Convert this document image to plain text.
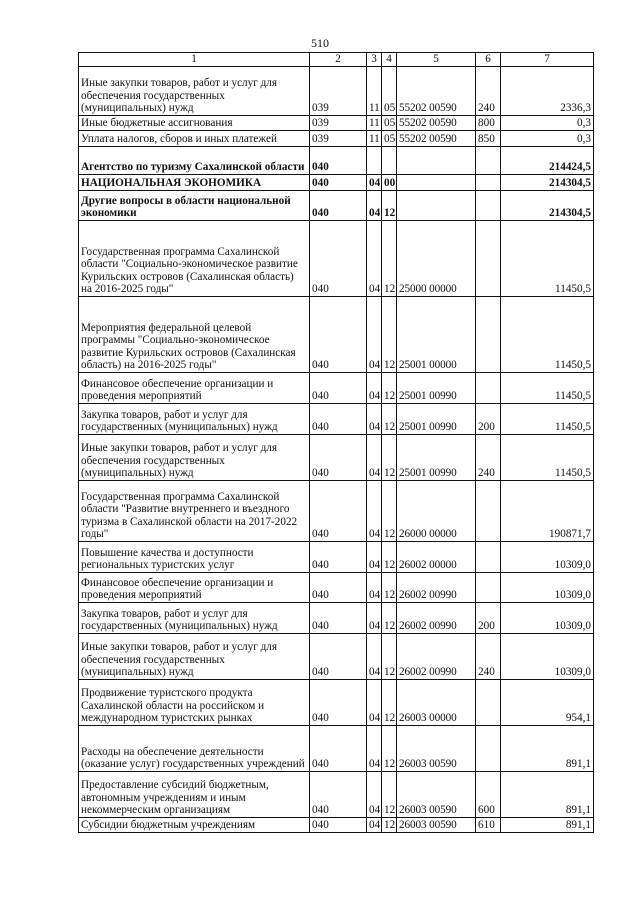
510
1	2	3	4	5	6	7
Иные закупки товаров, работ и услуг для обеспечения государственных (муниципальных) нужд	039	11	05	55202 00590	240	2336,3
Иные бюджетные ассигнования	039	11	05	55202 00590	800	0,3
Уплата налогов, сборов и иных платежей	039	11	05	55202 00590	850	0,3
Агентство по туризму Сахалинской области	040					214424,5
НАЦИОНАЛЬНАЯ ЭКОНОМИКА	040	04	00			214304,5
Другие вопросы в области национальной экономики	040	04	12			214304,5
Государственная программа Сахалинской области "Социально-экономическое развитие Курильских островов (Сахалинская область) на 2016-2025 годы"	040	04	12	25000 00000		11450,5
Мероприятия федеральной целевой программы "Социально-экономическое развитие Курильских островов (Сахалинская область) на 2016-2025 годы"	040	04	12	25001 00000		11450,5
Финансовое обеспечение организации и проведения мероприятий	040	04	12	25001 00990		11450,5
Закупка товаров, работ и услуг для государственных (муниципальных) нужд	040	04	12	25001 00990	200	11450,5
Иные закупки товаров, работ и услуг для обеспечения государственных (муниципальных) нужд	040	04	12	25001 00990	240	11450,5
Государственная программа Сахалинской области "Развитие внутреннего и въездного туризма в Сахалинской области на 2017-2022 годы"	040	04	12	26000 00000		190871,7
Повышение качества и доступности региональных туристских услуг	040	04	12	26002 00000		10309,0
Финансовое обеспечение организации и проведения мероприятий	040	04	12	26002 00990		10309,0
Закупка товаров, работ и услуг для государственных (муниципальных) нужд	040	04	12	26002 00990	200	10309,0
Иные закупки товаров, работ и услуг для обеспечения государственных (муниципальных) нужд	040	04	12	26002 00990	240	10309,0
Продвижение туристского продукта Сахалинской области на российском и международном туристских рынках	040	04	12	26003 00000		954,1
Расходы на обеспечение деятельности (оказание услуг) государственных учреждений	040	04	12	26003 00590		891,1
Предоставление субсидий бюджетным, автономным учреждениям и иным некоммерческим организациям	040	04	12	26003 00590	600	891,1
Субсидии бюджетным учреждениям	040	04	12	26003 00590	610	891,1
